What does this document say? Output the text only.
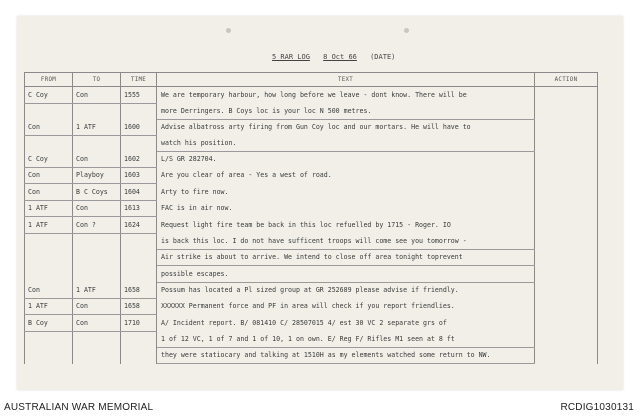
5 RAR LOG 8 Oct 66 (DATE)
FROM	TO	TIME	TEXT	ACTION
C Coy	Con	1555	We are temporary harbour, how long before we leave - dont know. There will be	
			more Derringers. B Coys loc is your loc N 500 metres.	
Con	1 ATF	1600	Advise albatross arty firing from Gun Coy loc and our mortars. He will have to	
			watch his position.	
C Coy	Con	1602	L/S GR 282704.	
Con	Playboy	1603	Are you clear of area - Yes a west of road.	
Con	B C Coys	1604	Arty to fire now.	
1 ATF	Con	1613	FAC is in air now.	
1 ATF	Con ?	1624	Request light fire team be back in this loc refuelled by 1715 - Roger. IO	
			is back this loc. I do not have sufficent troops will come see you tomorrow -	
			Air strike is about to arrive. We intend to close off area tonight toprevent	
			possible escapes.	
Con	1 ATF	1658	Possum has located a Pl sized group at GR 252689 please advise if friendly.	
1 ATF	Con	1658	XXXXXX Permanent force and PF in area will check if you report friendlies.	
B Coy	Con	1710	A/ Incident report. B/ 081410 C/ 28507015 4/ est 30 VC 2 separate grs of	
			1 of 12 VC, 1 of 7 and 1 of 10, 1 on own. E/ Reg F/ Rifles M1 seen at 8 ft	
			they were statiocary and talking at 1510H as my elements watched some return to NW.	
AUSTRALIAN WAR MEMORIAL	RCDIG1030131
